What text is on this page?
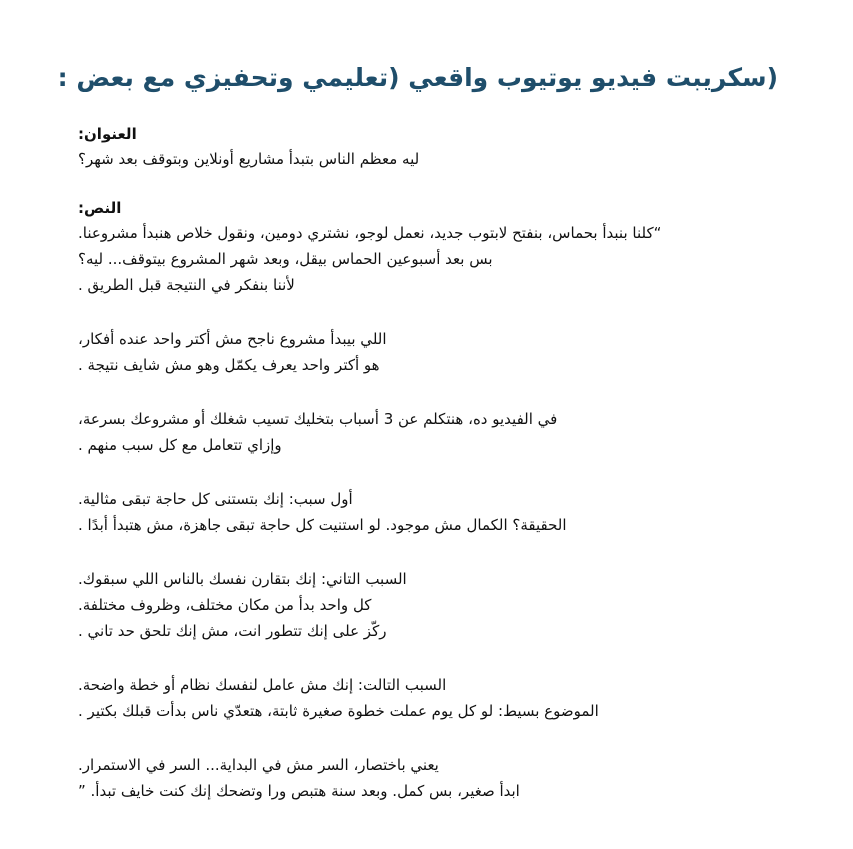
(سكريبت فيديو يوتيوب واقعي (تعليمي وتحفيزي مع بعض :
العنوان:
ليه معظم الناس بتبدأ مشاريع أونلاين وبتوقف بعد شهر؟
النص:
“كلنا بنبدأ بحماس، بنفتح لابتوب جديد، نعمل لوجو، نشتري دومين، ونقول خلاص هنبدأ مشروعنا.
بس بعد أسبوعين الحماس بيقل، وبعد شهر المشروع بيتوقف... ليه؟
لأننا بنفكر في النتيجة قبل الطريق .
اللي بيبدأ مشروع ناجح مش أكتر واحد عنده أفكار،
هو أكتر واحد يعرف يكمّل وهو مش شايف نتيجة .
في الفيديو ده، هنتكلم عن 3 أسباب بتخليك تسيب شغلك أو مشروعك بسرعة،
وإزاي تتعامل مع كل سبب منهم .
أول سبب: إنك بتستنى كل حاجة تبقى مثالية.
الحقيقة؟ الكمال مش موجود. لو استنيت كل حاجة تبقى جاهزة، مش هتبدأ أبدًا .
السبب التاني: إنك بتقارن نفسك بالناس اللي سبقوك.
كل واحد بدأ من مكان مختلف، وظروف مختلفة.
ركّز على إنك تتطور انت، مش إنك تلحق حد تاني .
السبب التالت: إنك مش عامل لنفسك نظام أو خطة واضحة.
الموضوع بسيط: لو كل يوم عملت خطوة صغيرة ثابتة، هتعدّي ناس بدأت قبلك بكتير .
يعني باختصار، السر مش في البداية... السر في الاستمرار.
ابدأ صغير، بس كمل. وبعد سنة هتبص ورا وتضحك إنك كنت خايف تبدأ. ”
